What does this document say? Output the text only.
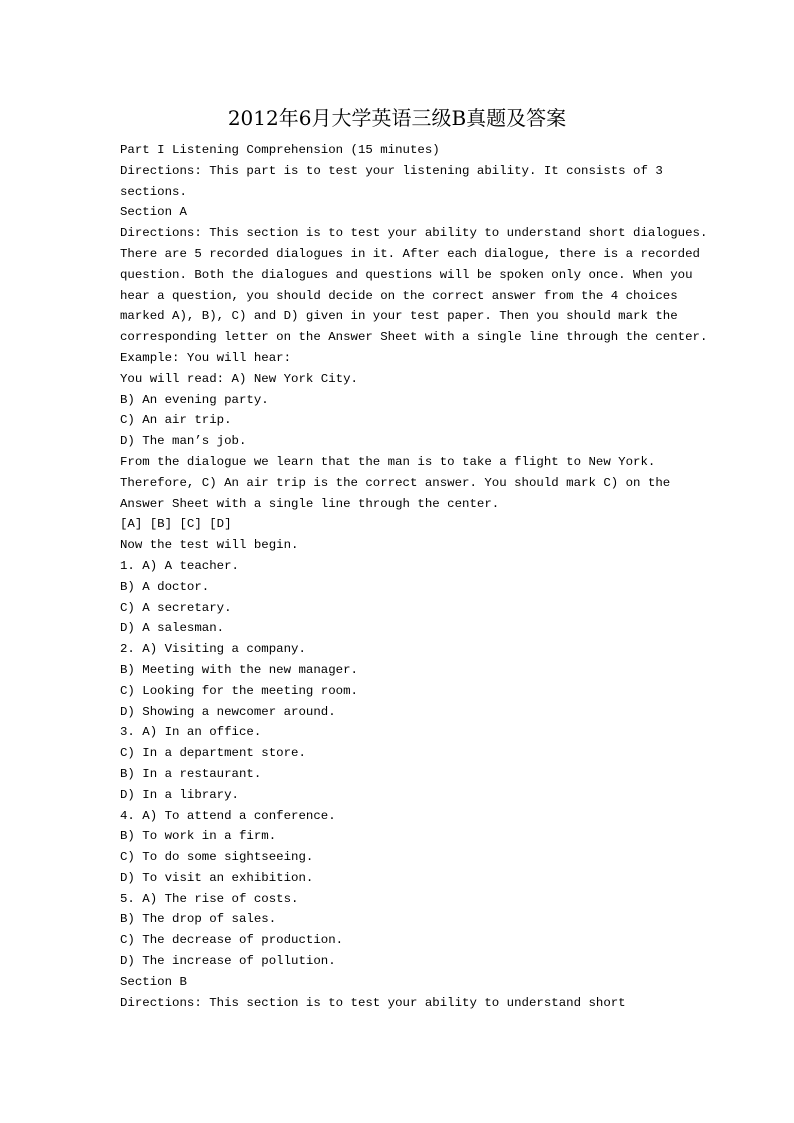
2012年6月大学英语三级B真题及答案
Part I Listening Comprehension (15 minutes)
Directions: This part is to test your listening ability. It consists of 3
sections.
Section A
Directions: This section is to test your ability to understand short dialogues.
There are 5 recorded dialogues in it. After each dialogue, there is a recorded
question. Both the dialogues and questions will be spoken only once. When you
hear a question, you should decide on the correct answer from the 4 choices
marked A), B), C) and D) given in your test paper. Then you should mark the
corresponding letter on the Answer Sheet with a single line through the center.
Example: You will hear:
You will read: A) New York City.
B) An evening party.
C) An air trip.
D) The man’s job.
From the dialogue we learn that the man is to take a flight to New York.
Therefore, C) An air trip is the correct answer. You should mark C) on the
Answer Sheet with a single line through the center.
[A] [B] [C] [D]
Now the test will begin.
1. A) A teacher.
B) A doctor.
C) A secretary.
D) A salesman.
2. A) Visiting a company.
B) Meeting with the new manager.
C) Looking for the meeting room.
D) Showing a newcomer around.
3. A) In an office.
C) In a department store.
B) In a restaurant.
D) In a library.
4. A) To attend a conference.
B) To work in a firm.
C) To do some sightseeing.
D) To visit an exhibition.
5. A) The rise of costs.
B) The drop of sales.
C) The decrease of production.
D) The increase of pollution.
Section B
Directions: This section is to test your ability to understand short
